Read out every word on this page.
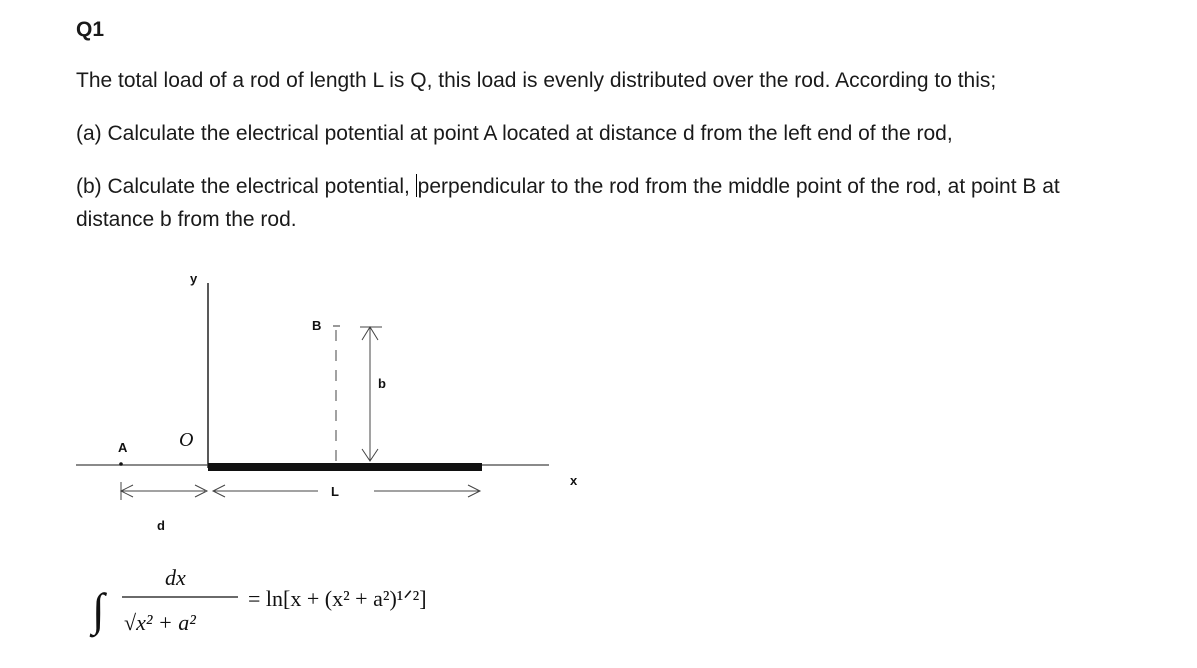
Q1
The total load of a rod of length L is Q, this load is evenly distributed over the rod. According to this;
(a) Calculate the electrical potential at point A located at distance d from the left end of the rod,
(b) Calculate the electrical potential, perpendicular to the rod from the middle point of the rod, at point B at distance b from the rod.
y
x
A	O
B
b
d
L
∫
dx
√x² + a²
= ln[x + (x² + a²)¹ᐟ²]
